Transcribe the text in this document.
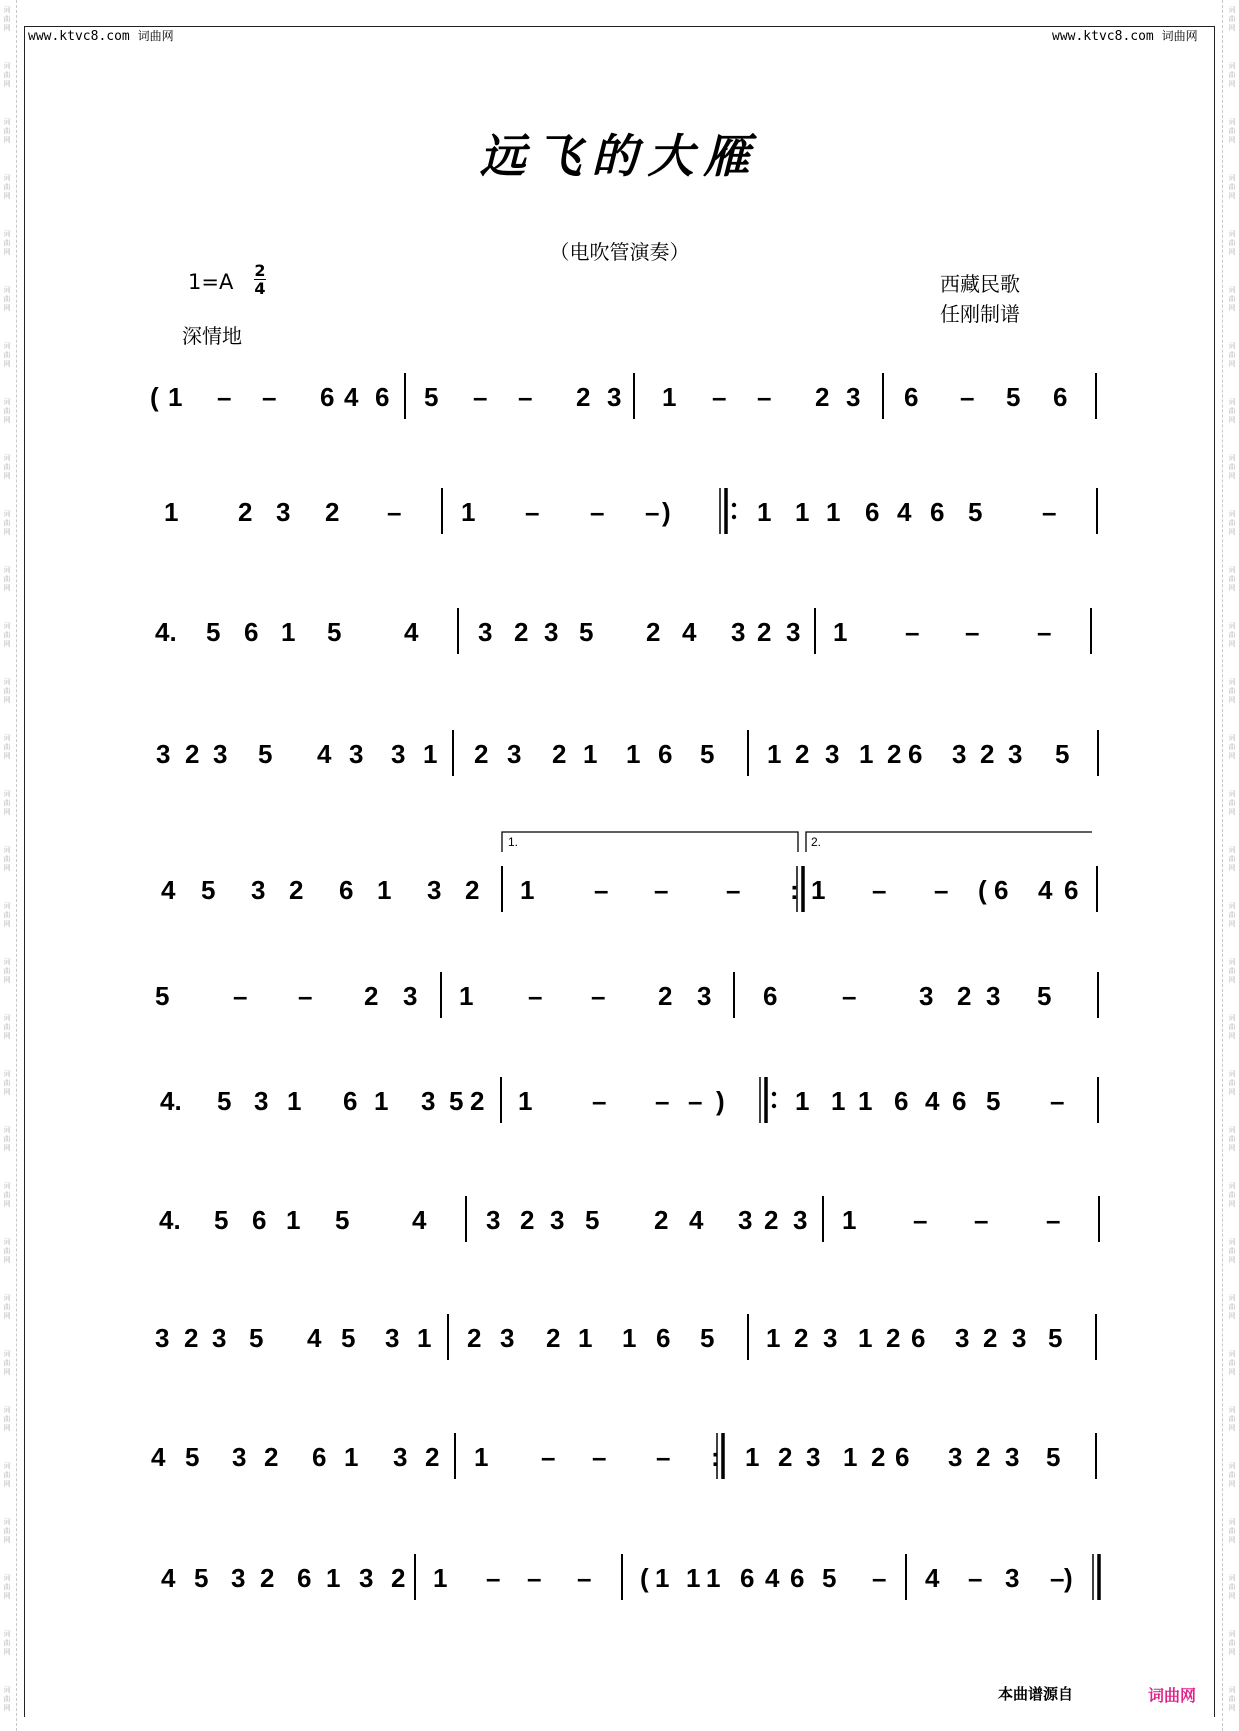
词
曲
网
词
曲
网
词
曲
网
词
曲
网
词
曲
网
词
曲
网
词
曲
网
词
曲
网
词
曲
网
词
曲
网
词
曲
网
词
曲
网
词
曲
网
词
曲
网
词
曲
网
词
曲
网
词
曲
网
词
曲
网
词
曲
网
词
曲
网
词
曲
网
词
曲
网
词
曲
网
词
曲
网
词
曲
网
词
曲
网
词
曲
网
词
曲
网
词
曲
网
词
曲
网
词
曲
网
词
曲
网
词
曲
网
词
曲
网
词
曲
网
词
曲
网
词
曲
网
词
曲
网
词
曲
网
词
曲
网
词
曲
网
词
曲
网
词
曲
网
词
曲
网
词
曲
网
词
曲
网
词
曲
网
词
曲
网
词
曲
网
词
曲
网
词
曲
网
词
曲
网
词
曲
网
词
曲
网
词
曲
网
词
曲
网
词
曲
网
词
曲
网
词
曲
网
词
曲
网
词
曲
网
词
曲
网
www.ktvc8.com 词曲网	www.ktvc8.com 词曲网
远飞的大雁
（电吹管演奏）
1=A 2
4
深情地
西藏民歌
任刚制谱
1.	2.
( 1 – – 6 4 6 5 – – 2 3 1 – – 2 3 6 – 5 6
1 2 3 2 – 1 – – – )	1 1 1 6 4 6 5 –
4. 5 6 1 5 4 3 2 3 5 2 4 3 2 3 1 – – –
3 2 3 5 4 3 3 1 2 3 2 1 1 6 5 1 2 3 1 2 6 3 2 3 5
4 5 3 2 6 1 3 2 1 – – – : 1 – – ( 6 4 6
5 – – 2 3 1 – – 2 3 6 – 3 2 3 5
4. 5 3 1 6 1 3 5 2 1 – – – )	1 1 1 6 4 6 5 –
4. 5 6 1 5 4 3 2 3 5 2 4 3 2 3 1 – – –
3 2 3 5 4 5 3 1 2 3 2 1 1 6 5 1 2 3 1 2 6 3 2 3 5
4 5 3 2 6 1 3 2 1 – – – : 1 2 3 1 2 6 3 2 3 5
4 5 3 2 6 1 3 2 1 – – – ( 1 1 1 6 4 6 5 – 4 – 3 – )
本曲谱源自	词曲网
